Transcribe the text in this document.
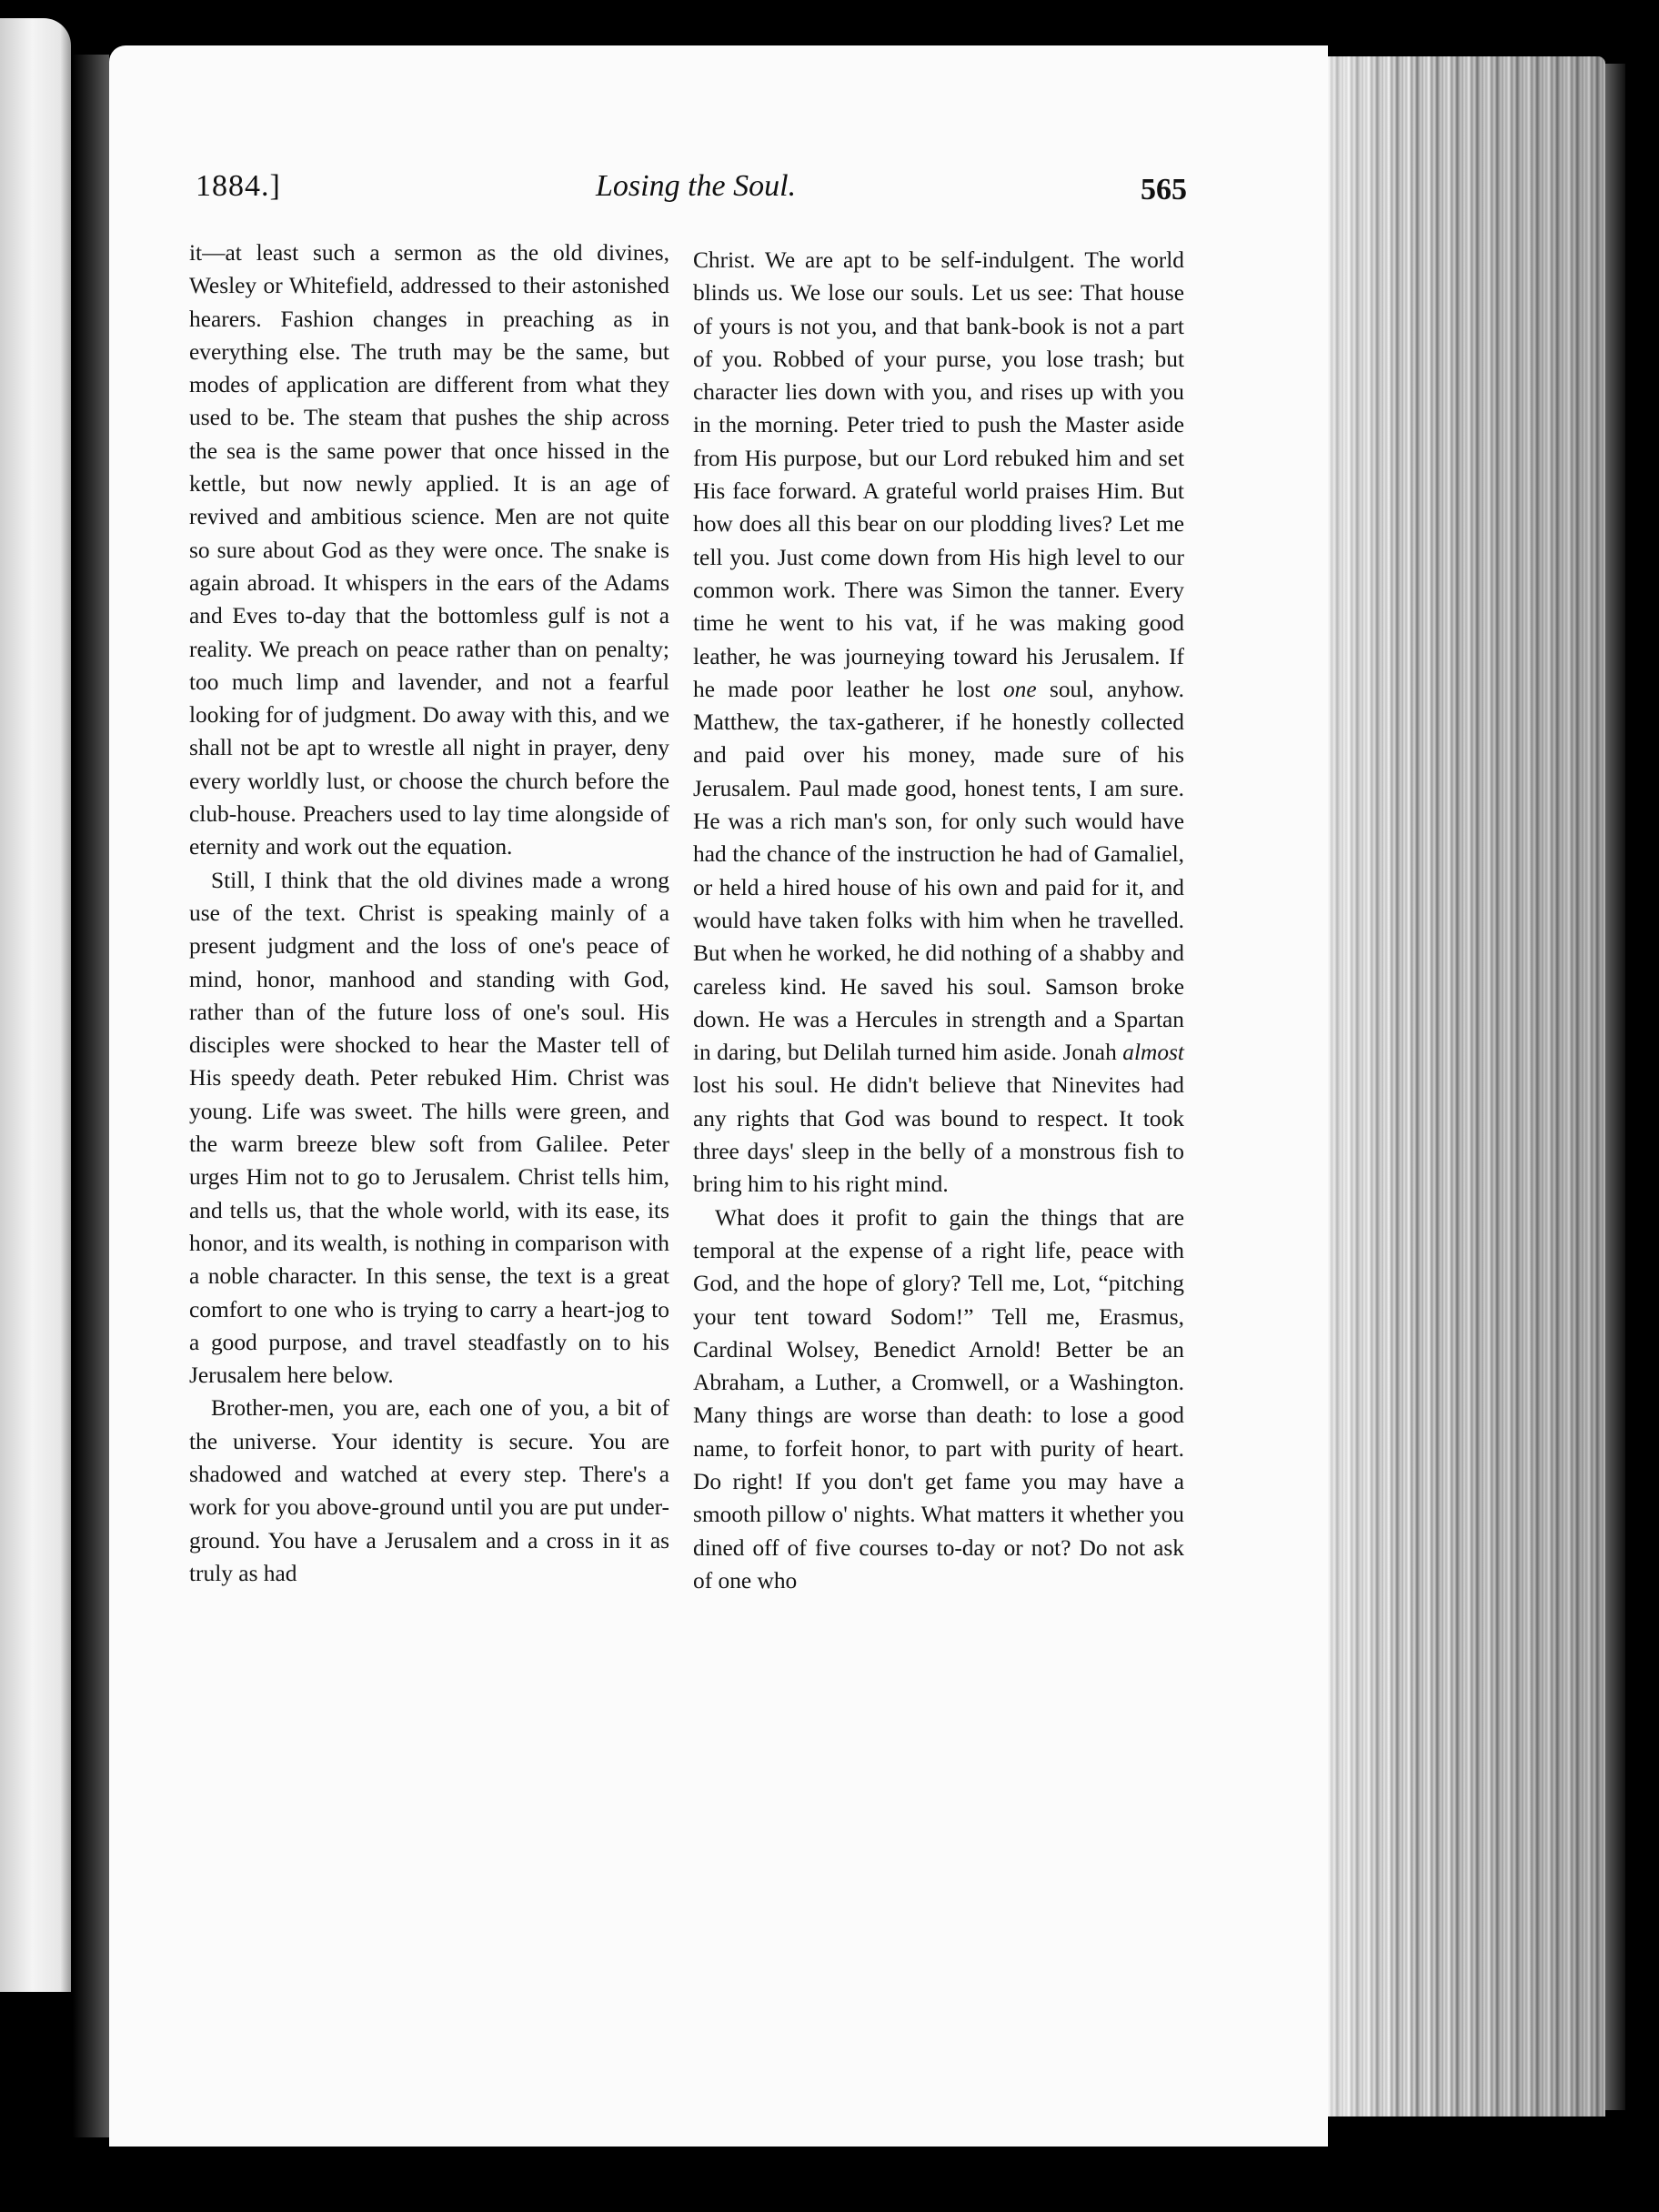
1884.]	Losing the Soul.	565

it—at least such a sermon as the old divines, Wesley or Whitefield, addressed to their astonished hearers. Fashion changes in preaching as in everything else. The truth may be the same, but modes of application are different from what they used to be. The steam that pushes the ship across the sea is the same power that once hissed in the kettle, but now newly applied. It is an age of revived and ambitious science. Men are not quite so sure about God as they were once. The snake is again abroad. It whispers in the ears of the Adams and Eves to-day that the bottomless gulf is not a reality. We preach on peace rather than on penalty; too much limp and lavender, and not a fearful looking for of judgment. Do away with this, and we shall not be apt to wrestle all night in prayer, deny every worldly lust, or choose the church before the club-house. Preachers used to lay time alongside of eternity and work out the equation.

Still, I think that the old divines made a wrong use of the text. Christ is speaking mainly of a present judgment and the loss of one's peace of mind, honor, manhood and standing with God, rather than of the future loss of one's soul. His disciples were shocked to hear the Master tell of His speedy death. Peter rebuked Him. Christ was young. Life was sweet. The hills were green, and the warm breeze blew soft from Galilee. Peter urges Him not to go to Jerusalem. Christ tells him, and tells us, that the whole world, with its ease, its honor, and its wealth, is nothing in comparison with a noble character. In this sense, the text is a great comfort to one who is trying to carry a heart-jog to a good purpose, and travel steadfastly on to his Jerusalem here below.

Brother-men, you are, each one of you, a bit of the universe. Your identity is secure. You are shadowed and watched at every step. There's a work for you above-ground until you are put under-ground. You have a Jerusalem and a cross in it as truly as had

Christ. We are apt to be self-indulgent. The world blinds us. We lose our souls. Let us see: That house of yours is not you, and that bank-book is not a part of you. Robbed of your purse, you lose trash; but character lies down with you, and rises up with you in the morning. Peter tried to push the Master aside from His purpose, but our Lord rebuked him and set His face forward. A grateful world praises Him. But how does all this bear on our plodding lives? Let me tell you. Just come down from His high level to our common work. There was Simon the tanner. Every time he went to his vat, if he was making good leather, he was journeying toward his Jerusalem. If he made poor leather he lost one soul, anyhow. Matthew, the tax-gatherer, if he honestly collected and paid over his money, made sure of his Jerusalem. Paul made good, honest tents, I am sure. He was a rich man's son, for only such would have had the chance of the instruction he had of Gamaliel, or held a hired house of his own and paid for it, and would have taken folks with him when he travelled. But when he worked, he did nothing of a shabby and careless kind. He saved his soul. Samson broke down. He was a Hercules in strength and a Spartan in daring, but Delilah turned him aside. Jonah almost lost his soul. He didn't believe that Ninevites had any rights that God was bound to respect. It took three days' sleep in the belly of a monstrous fish to bring him to his right mind.

What does it profit to gain the things that are temporal at the expense of a right life, peace with God, and the hope of glory? Tell me, Lot, “pitching your tent toward Sodom!” Tell me, Erasmus, Cardinal Wolsey, Benedict Arnold! Better be an Abraham, a Luther, a Cromwell, or a Washington. Many things are worse than death: to lose a good name, to forfeit honor, to part with purity of heart. Do right! If you don't get fame you may have a smooth pillow o' nights. What matters it whether you dined off of five courses to-day or not? Do not ask of one who
